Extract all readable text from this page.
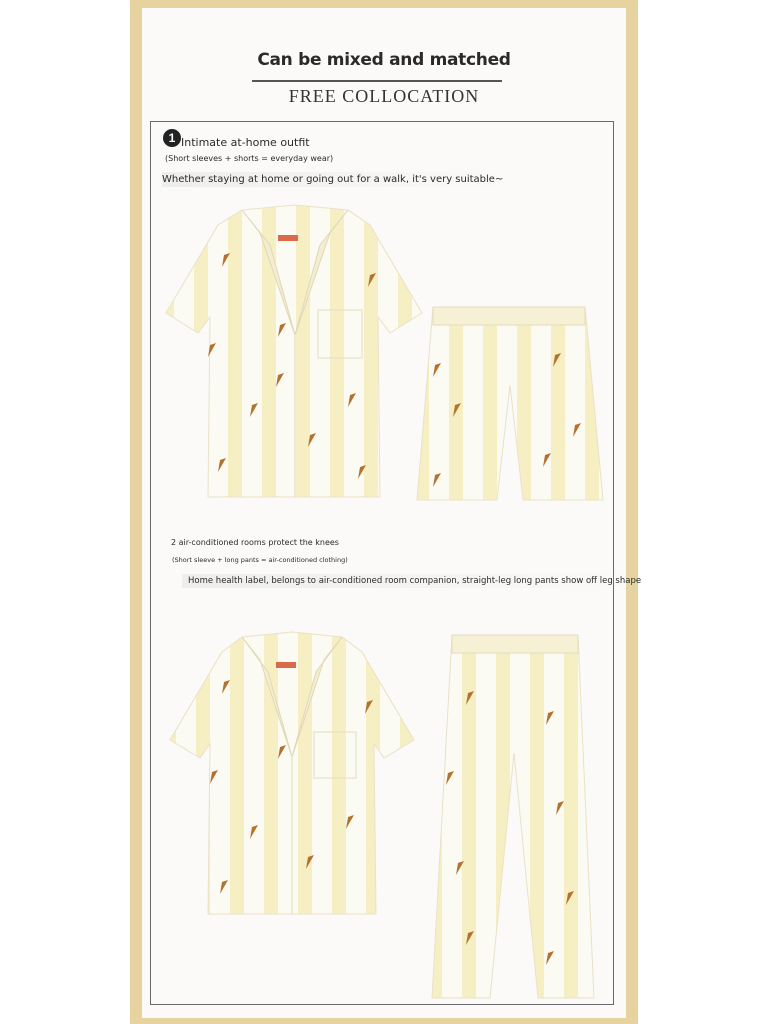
Can be mixed and matched
FREE COLLOCATION
1 Intimate at-home outfit
(Short sleeves + shorts = everyday wear)
Whether staying at home or going out for a walk, it's very suitable~
2 air-conditioned rooms protect the knees
(Short sleeve + long pants = air-conditioned clothing)
Home health label, belongs to air-conditioned room companion, straight-leg long pants show off leg shape
